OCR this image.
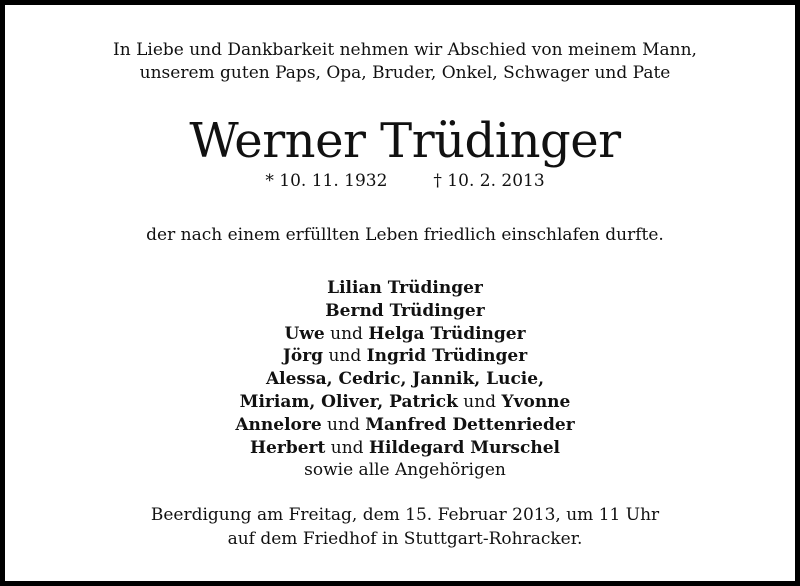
In Liebe und Dankbarkeit nehmen wir Abschied von meinem Mann,
unserem guten Paps, Opa, Bruder, Onkel, Schwager und Pate
Werner Trüdinger
* 10. 11. 1932	† 10. 2. 2013
der nach einem erfüllten Leben friedlich einschlafen durfte.
Lilian Trüdinger
Bernd Trüdinger
Uwe und Helga Trüdinger
Jörg und Ingrid Trüdinger
Alessa, Cedric, Jannik, Lucie,
Miriam, Oliver, Patrick und Yvonne
Annelore und Manfred Dettenrieder
Herbert und Hildegard Murschel
sowie alle Angehörigen
Beerdigung am Freitag, dem 15. Februar 2013, um 11 Uhr
auf dem Friedhof in Stuttgart-Rohracker.
